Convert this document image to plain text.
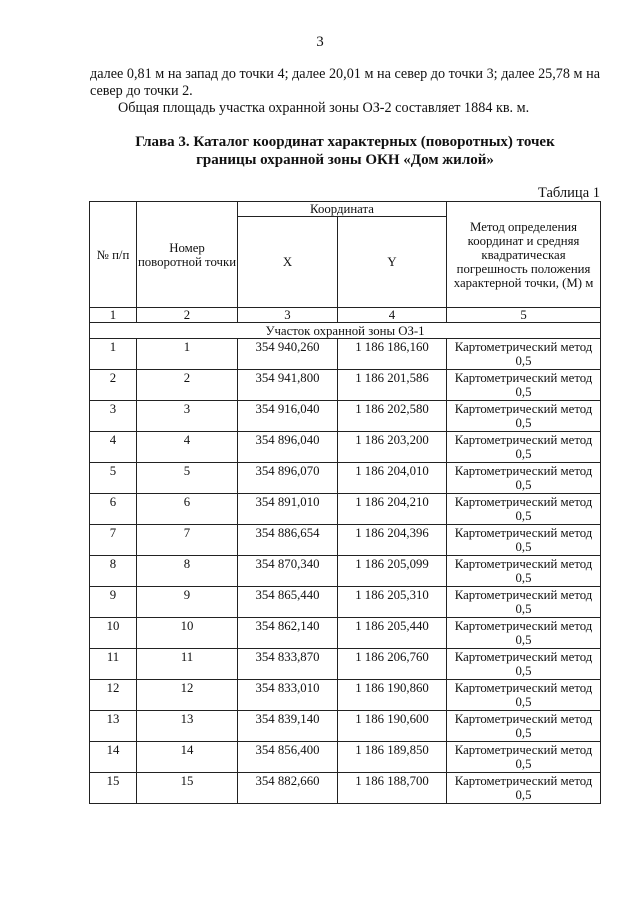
3
далее 0,81 м на запад до точки 4; далее 20,01 м на север до точки 3; далее 25,78 м на север до точки 2.
Общая площадь участка охранной зоны ОЗ-2 составляет 1884 кв. м.
Глава 3. Каталог координат характерных (поворотных) точек
границы охранной зоны ОКН «Дом жилой»
Таблица 1
№ п/п	Номер поворотной точки	Координата		Метод определения координат и средняя квадратическая погрешность положения характерной точки, (M) м
		X	Y	
1	2	3	4	5
Участок охранной зоны ОЗ-1				
1	1	354 940,260	1 186 186,160	Картометрический метод
0,5

2	2	354 941,800	1 186 201,586	Картометрический метод
0,5

3	3	354 916,040	1 186 202,580	Картометрический метод
0,5

4	4	354 896,040	1 186 203,200	Картометрический метод
0,5

5	5	354 896,070	1 186 204,010	Картометрический метод
0,5

6	6	354 891,010	1 186 204,210	Картометрический метод
0,5

7	7	354 886,654	1 186 204,396	Картометрический метод
0,5

8	8	354 870,340	1 186 205,099	Картометрический метод
0,5

9	9	354 865,440	1 186 205,310	Картометрический метод
0,5

10	10	354 862,140	1 186 205,440	Картометрический метод
0,5

11	11	354 833,870	1 186 206,760	Картометрический метод
0,5

12	12	354 833,010	1 186 190,860	Картометрический метод
0,5

13	13	354 839,140	1 186 190,600	Картометрический метод
0,5

14	14	354 856,400	1 186 189,850	Картометрический метод
0,5

15	15	354 882,660	1 186 188,700	Картометрический метод
0,5
